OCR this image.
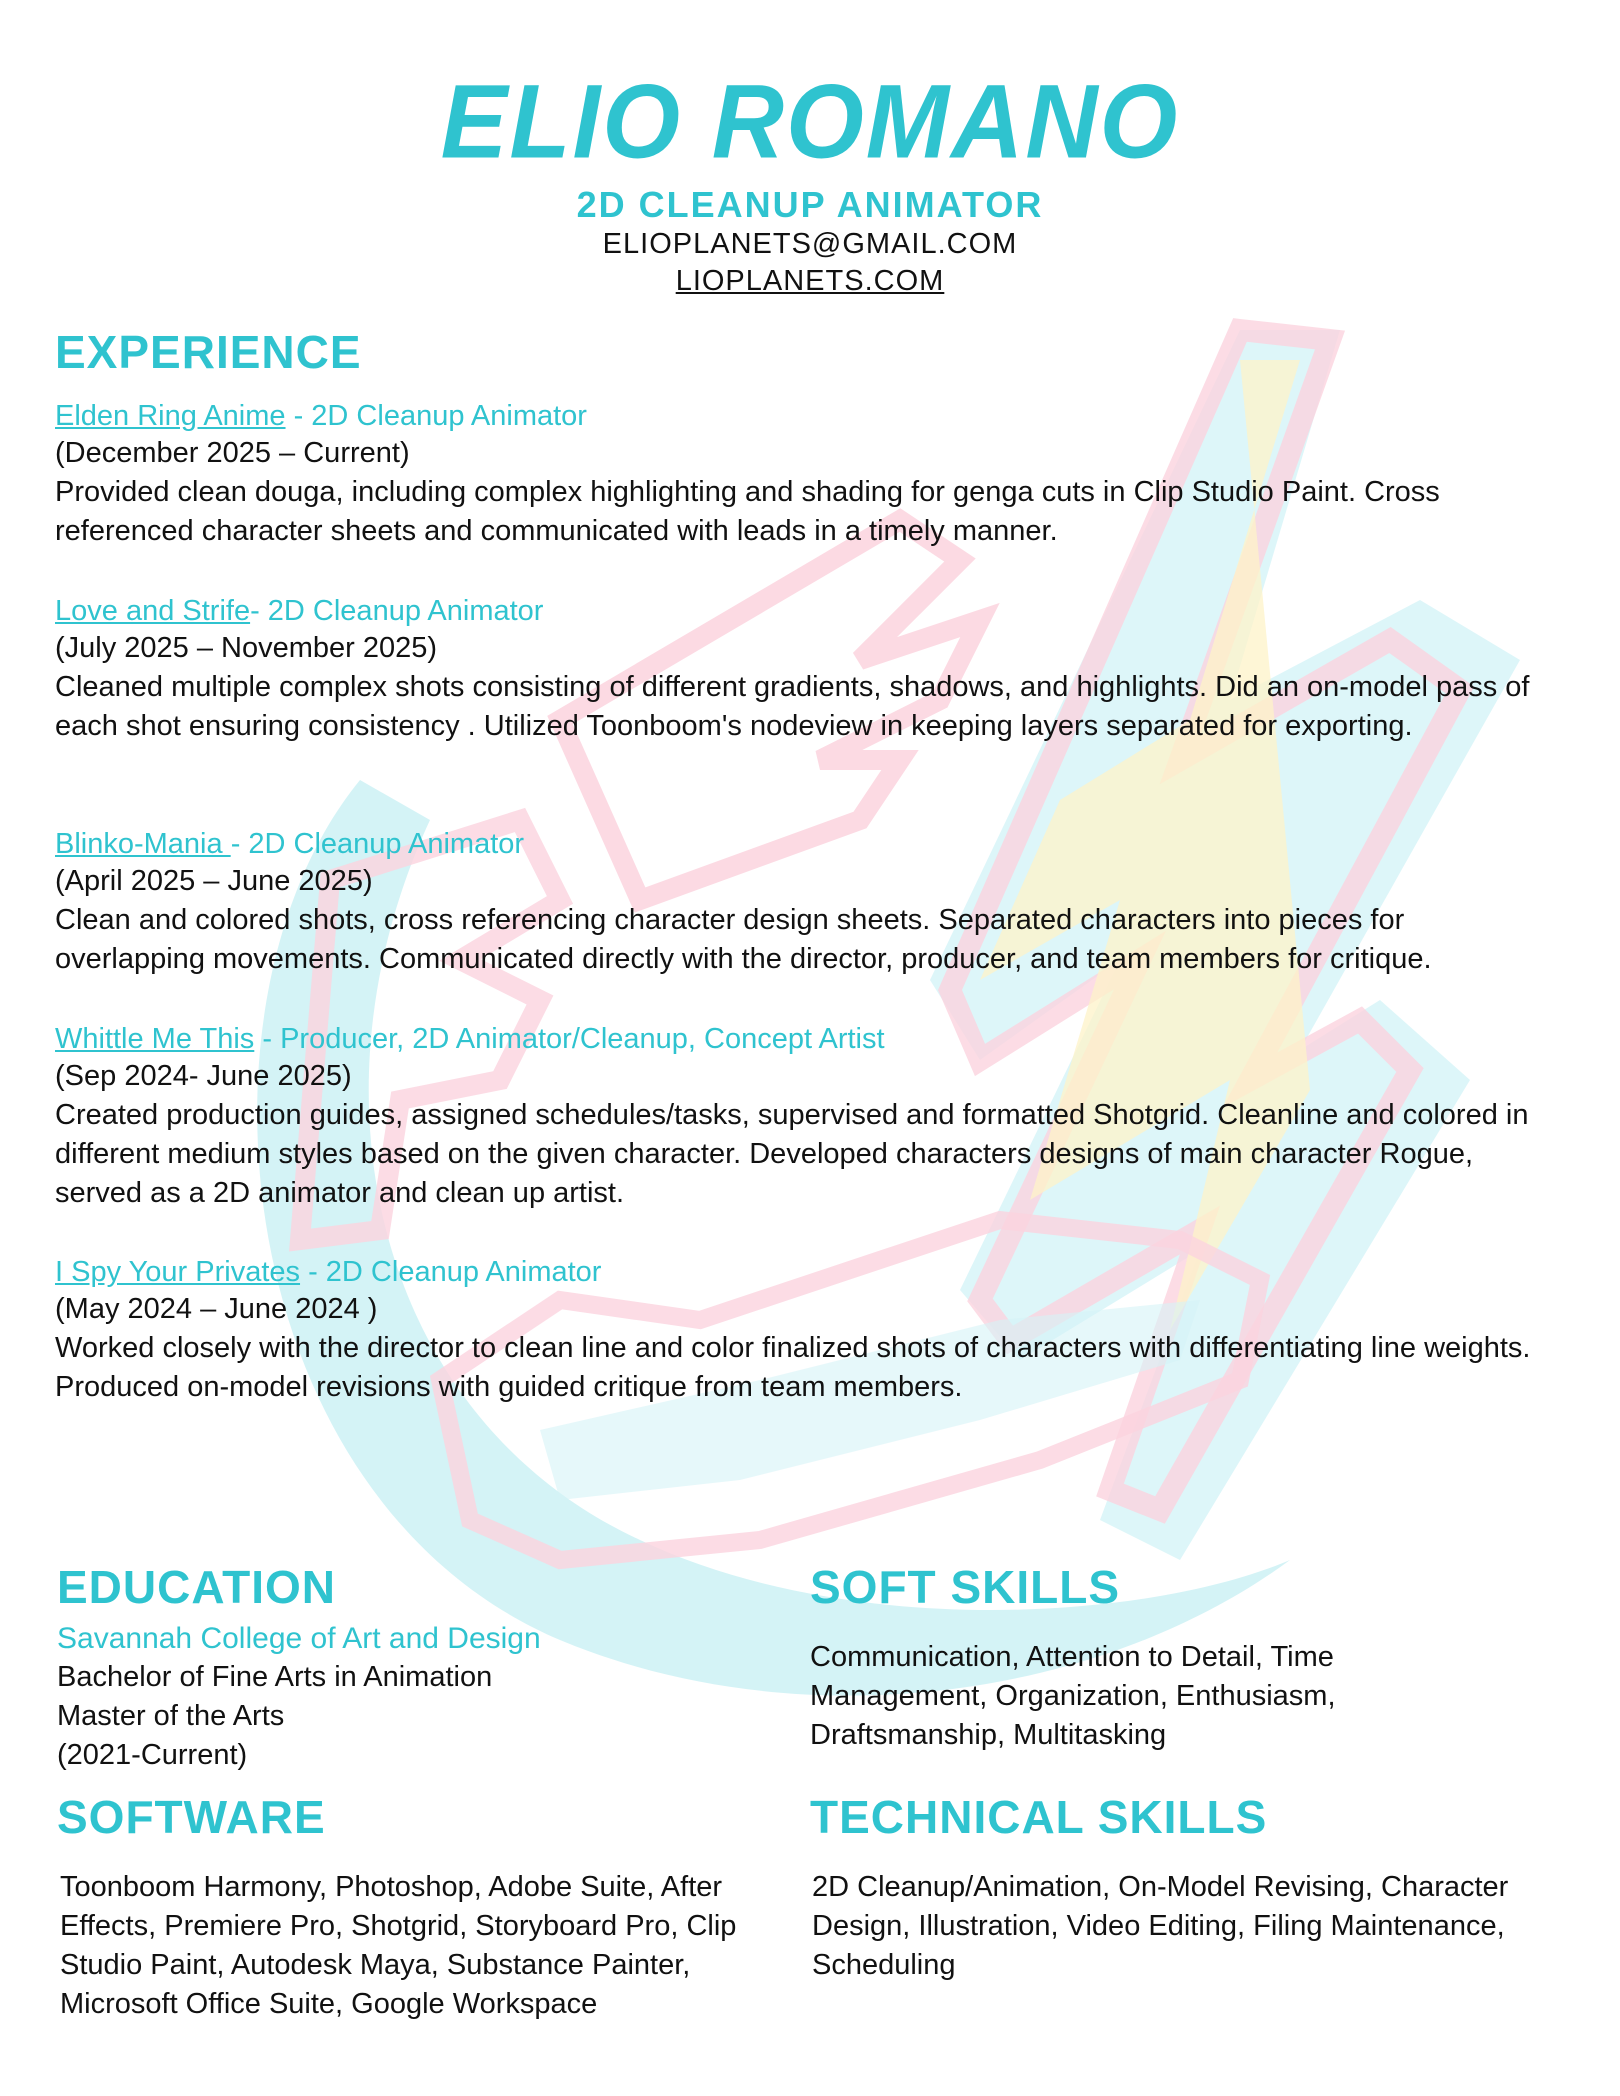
ELIO ROMANO
2D CLEANUP ANIMATOR
ELIOPLANETS@GMAIL.COM
LIOPLANETS.COM
EXPERIENCE
Elden Ring Anime - 2D Cleanup Animator
(December 2025 – Current)
Provided clean douga, including complex highlighting and shading for genga cuts in Clip Studio Paint. Cross referenced character sheets and communicated with leads in a timely manner.
Love and Strife- 2D Cleanup Animator
(July 2025 – November 2025)
Cleaned multiple complex shots consisting of different gradients, shadows, and highlights. Did an on-model pass of each shot ensuring consistency . Utilized Toonboom's nodeview in keeping layers separated for exporting.
Blinko-Mania - 2D Cleanup Animator
(April 2025 – June 2025)
Clean and colored shots, cross referencing character design sheets. Separated characters into pieces for overlapping movements. Communicated directly with the director, producer, and team members for critique.
Whittle Me This - Producer, 2D Animator/Cleanup, Concept Artist
(Sep 2024- June 2025)
Created production guides, assigned schedules/tasks, supervised and formatted Shotgrid. Cleanline and colored in different medium styles based on the given character. Developed characters designs of main character Rogue, served as a 2D animator and clean up artist.
I Spy Your Privates - 2D Cleanup Animator
(May 2024 – June 2024 )
Worked closely with the director to clean line and color finalized shots of characters with differentiating line weights. Produced on-model revisions with guided critique from team members.
EDUCATION
Savannah College of Art and Design
Bachelor of Fine Arts in Animation
Master of the Arts
(2021-Current)
SOFT SKILLS
Communication, Attention to Detail, Time Management, Organization, Enthusiasm, Draftsmanship, Multitasking
SOFTWARE
Toonboom Harmony, Photoshop, Adobe Suite, After Effects, Premiere Pro, Shotgrid, Storyboard Pro, Clip Studio Paint, Autodesk Maya, Substance Painter, Microsoft Office Suite, Google Workspace
TECHNICAL SKILLS
2D Cleanup/Animation, On-Model Revising, Character Design, Illustration, Video Editing, Filing Maintenance, Scheduling
